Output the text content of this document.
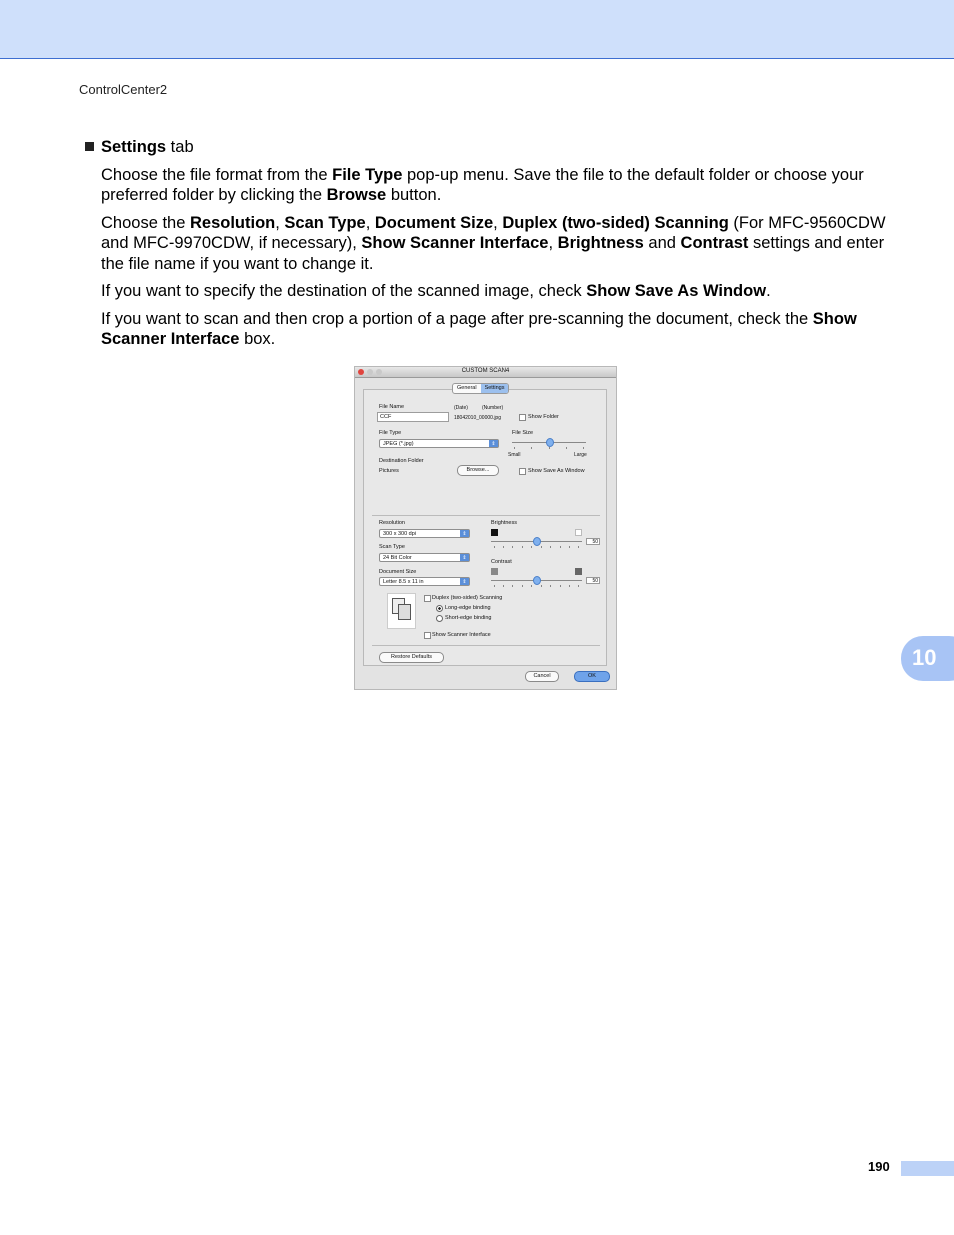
ControlCenter2
Settings tab

Choose the file format from the File Type pop-up menu. Save the file to the default folder or choose your preferred folder by clicking the Browse button.

Choose the Resolution, Scan Type, Document Size, Duplex (two-sided) Scanning (For MFC-9560CDW and MFC-9970CDW, if necessary), Show Scanner Interface, Brightness and Contrast settings and enter the file name if you want to change it.

If you want to specify the destination of the scanned image, check Show Save As Window.

If you want to scan and then crop a portion of a page after pre-scanning the document, check the Show Scanner Interface box.

CUSTOM SCAN4
General	Settings
File Name
CCF
(Date)	(Number)
18042010_00000.jpg	Show Folder
File Type
JPEG (*.jpg)	⇕
File Size
Small	Large
Destination Folder
Pictures	Browse...	Show Save As Window
Resolution
300 x 300 dpi	⇕
Scan Type
24 Bit Color	⇕
Document Size
Letter 8.5 x 11 in	⇕
Brightness
50
Contrast
50
Duplex (two-sided) Scanning
Long-edge binding
Short-edge binding
Show Scanner Interface
Restore Defaults
Cancel	OK
10
190
